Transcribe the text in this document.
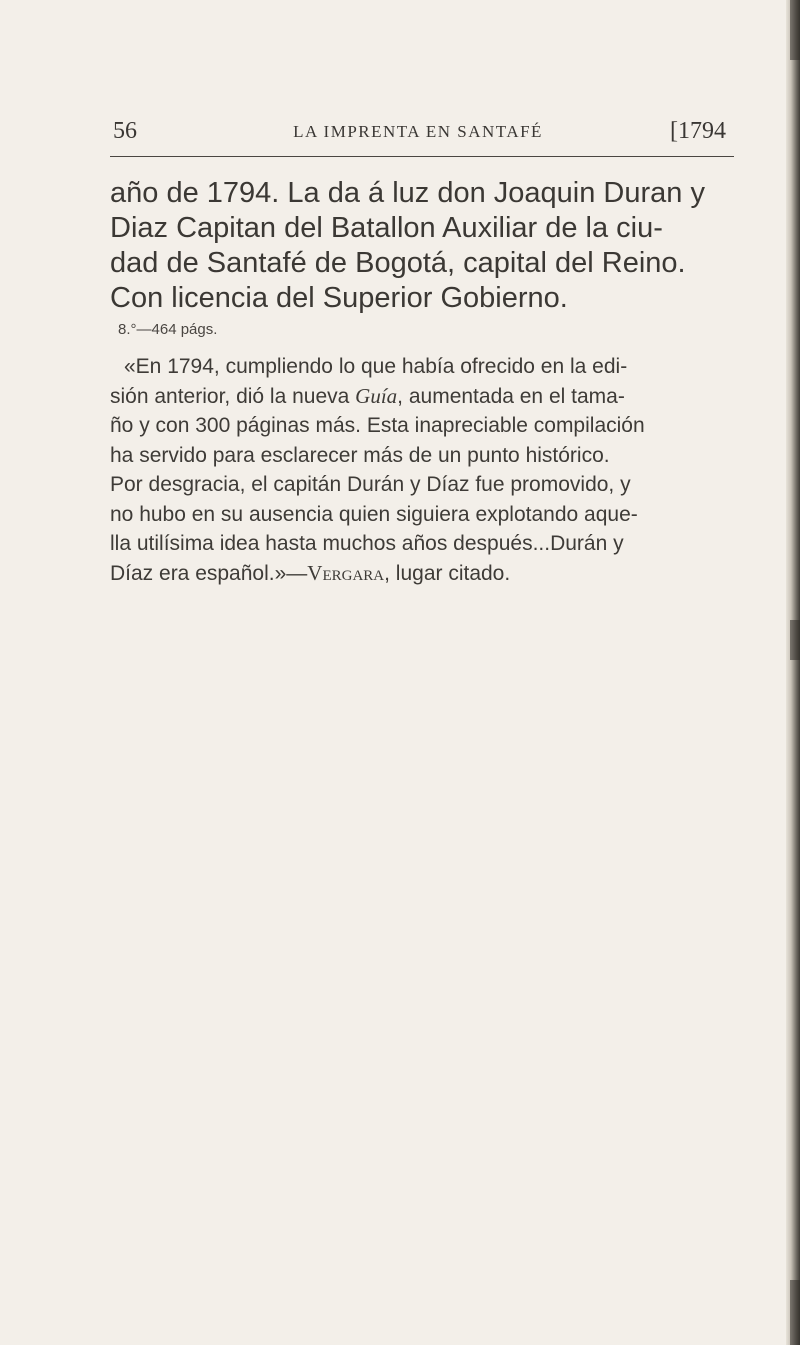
56	LA IMPRENTA EN SANTAFÉ	[1794
año de 1794. La da á luz don Joaquin Duran y
Diaz Capitan del Batallon Auxiliar de la ciu-
dad de Santafé de Bogotá, capital del Reino.
Con licencia del Superior Gobierno.
8.°—464 págs.
«En 1794, cumpliendo lo que había ofrecido en la edi-
sión anterior, dió la nueva Guía, aumentada en el tama-
ño y con 300 páginas más. Esta inapreciable compilación
ha servido para esclarecer más de un punto histórico.
Por desgracia, el capitán Durán y Díaz fue promovido, y
no hubo en su ausencia quien siguiera explotando aque-
lla utilísima idea hasta muchos años después...Durán y
Díaz era español.»—Vergara, lugar citado.
